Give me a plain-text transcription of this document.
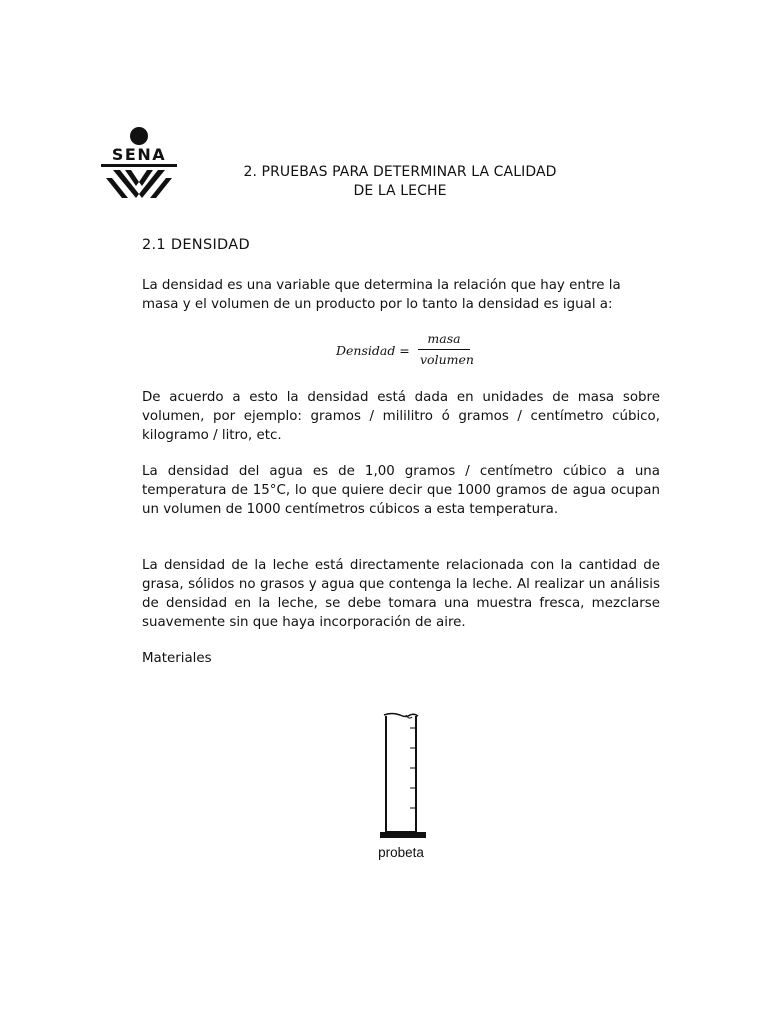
SENA
2. PRUEBAS PARA DETERMINAR LA CALIDAD
DE LA LECHE
2.1 DENSIDAD

La densidad es una variable que determina la relación que hay entre la masa y el volumen de un producto por lo tanto la densidad es igual a:

Densidad =
masa
volumen

De acuerdo a esto la densidad está dada en unidades de masa sobre volumen, por ejemplo: gramos / mililitro ó gramos / centímetro cúbico, kilogramo / litro, etc.

La densidad del agua es de 1,00 gramos / centímetro cúbico a una temperatura de 15°C, lo que quiere decir que 1000 gramos de agua ocupan un volumen de 1000 centímetros cúbicos a esta temperatura.

La densidad de la leche está directamente relacionada con la cantidad de grasa, sólidos no grasos y agua que contenga la leche. Al realizar un análisis de densidad en la leche, se debe tomara una muestra fresca, mezclarse suavemente sin que haya incorporación de aire.

Materiales
probeta
